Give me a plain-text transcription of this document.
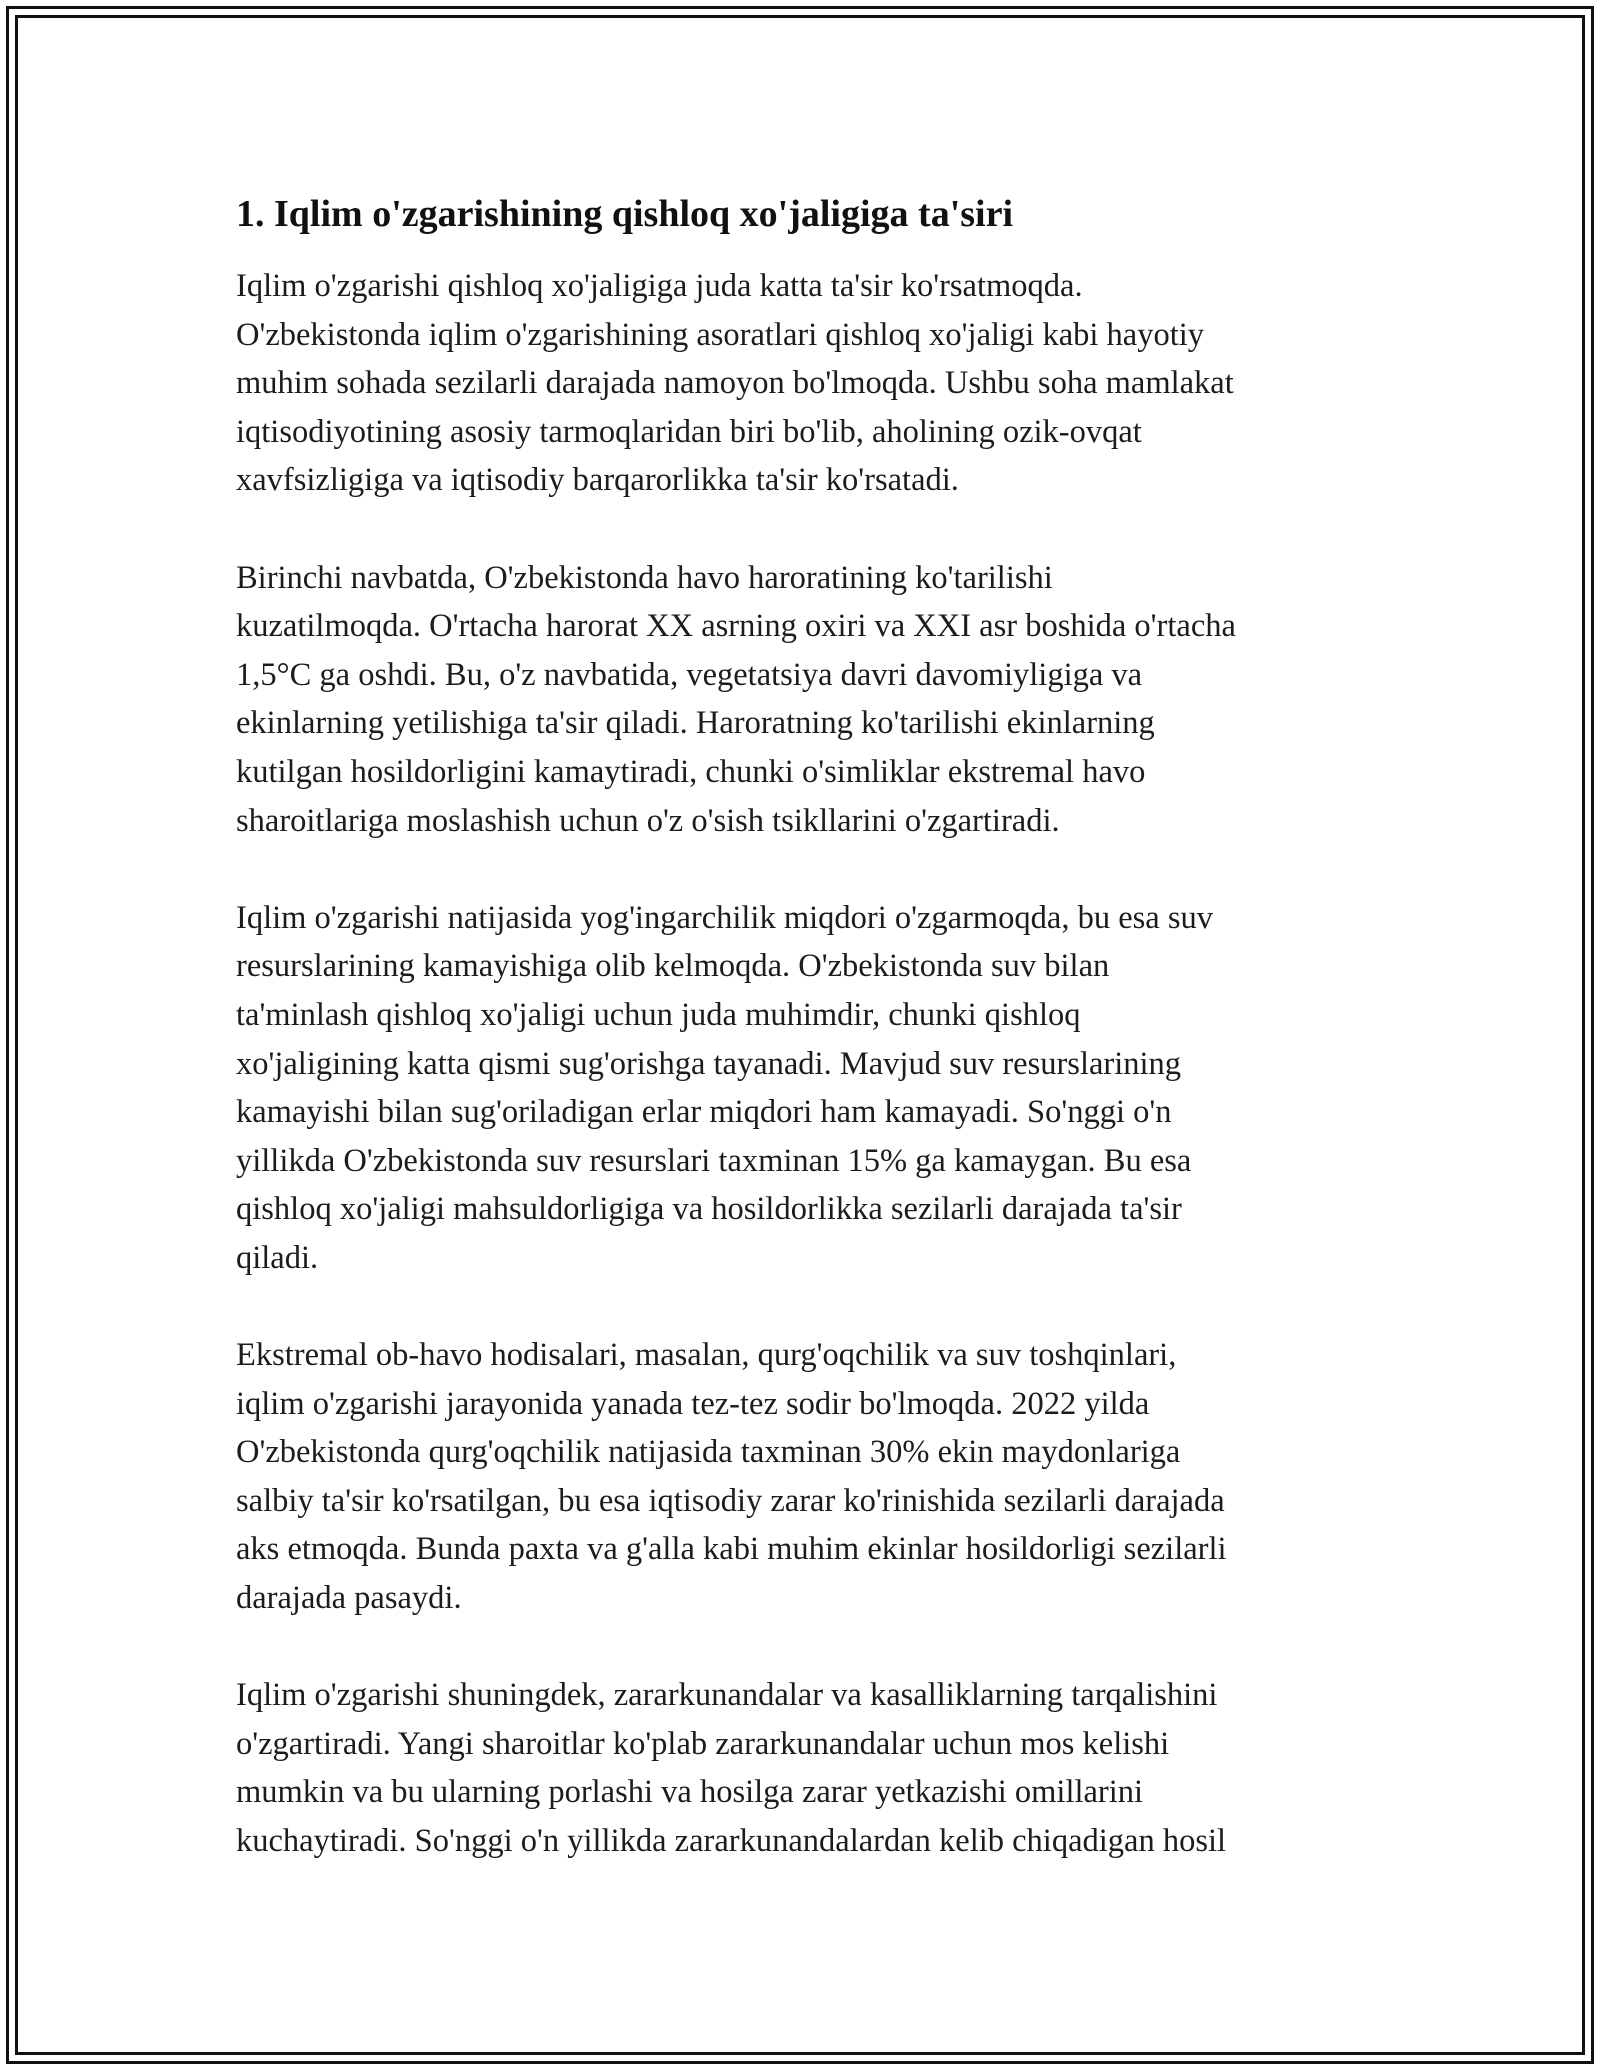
1. Iqlim o'zgarishining qishloq xo'jaligiga ta'siri
Iqlim o'zgarishi qishloq xo'jaligiga juda katta ta'sir ko'rsatmoqda.
O'zbekistonda iqlim o'zgarishining asoratlari qishloq xo'jaligi kabi hayotiy
muhim sohada sezilarli darajada namoyon bo'lmoqda. Ushbu soha mamlakat
iqtisodiyotining asosiy tarmoqlaridan biri bo'lib, aholining ozik-ovqat
xavfsizligiga va iqtisodiy barqarorlikka ta'sir ko'rsatadi.
Birinchi navbatda, O'zbekistonda havo haroratining ko'tarilishi
kuzatilmoqda. O'rtacha harorat XX asrning oxiri va XXI asr boshida o'rtacha
1,5°C ga oshdi. Bu, o'z navbatida, vegetatsiya davri davomiyligiga va
ekinlarning yetilishiga ta'sir qiladi. Haroratning ko'tarilishi ekinlarning
kutilgan hosildorligini kamaytiradi, chunki o'simliklar ekstremal havo
sharoitlariga moslashish uchun o'z o'sish tsikllarini o'zgartiradi.
Iqlim o'zgarishi natijasida yog'ingarchilik miqdori o'zgarmoqda, bu esa suv
resurslarining kamayishiga olib kelmoqda. O'zbekistonda suv bilan
ta'minlash qishloq xo'jaligi uchun juda muhimdir, chunki qishloq
xo'jaligining katta qismi sug'orishga tayanadi. Mavjud suv resurslarining
kamayishi bilan sug'oriladigan erlar miqdori ham kamayadi. So'nggi o'n
yillikda O'zbekistonda suv resurslari taxminan 15% ga kamaygan. Bu esa
qishloq xo'jaligi mahsuldorligiga va hosildorlikka sezilarli darajada ta'sir
qiladi.
Ekstremal ob-havo hodisalari, masalan, qurg'oqchilik va suv toshqinlari,
iqlim o'zgarishi jarayonida yanada tez-tez sodir bo'lmoqda. 2022 yilda
O'zbekistonda qurg'oqchilik natijasida taxminan 30% ekin maydonlariga
salbiy ta'sir ko'rsatilgan, bu esa iqtisodiy zarar ko'rinishida sezilarli darajada
aks etmoqda. Bunda paxta va g'alla kabi muhim ekinlar hosildorligi sezilarli
darajada pasaydi.
Iqlim o'zgarishi shuningdek, zararkunandalar va kasalliklarning tarqalishini
o'zgartiradi. Yangi sharoitlar ko'plab zararkunandalar uchun mos kelishi
mumkin va bu ularning porlashi va hosilga zarar yetkazishi omillarini
kuchaytiradi. So'nggi o'n yillikda zararkunandalardan kelib chiqadigan hosil
